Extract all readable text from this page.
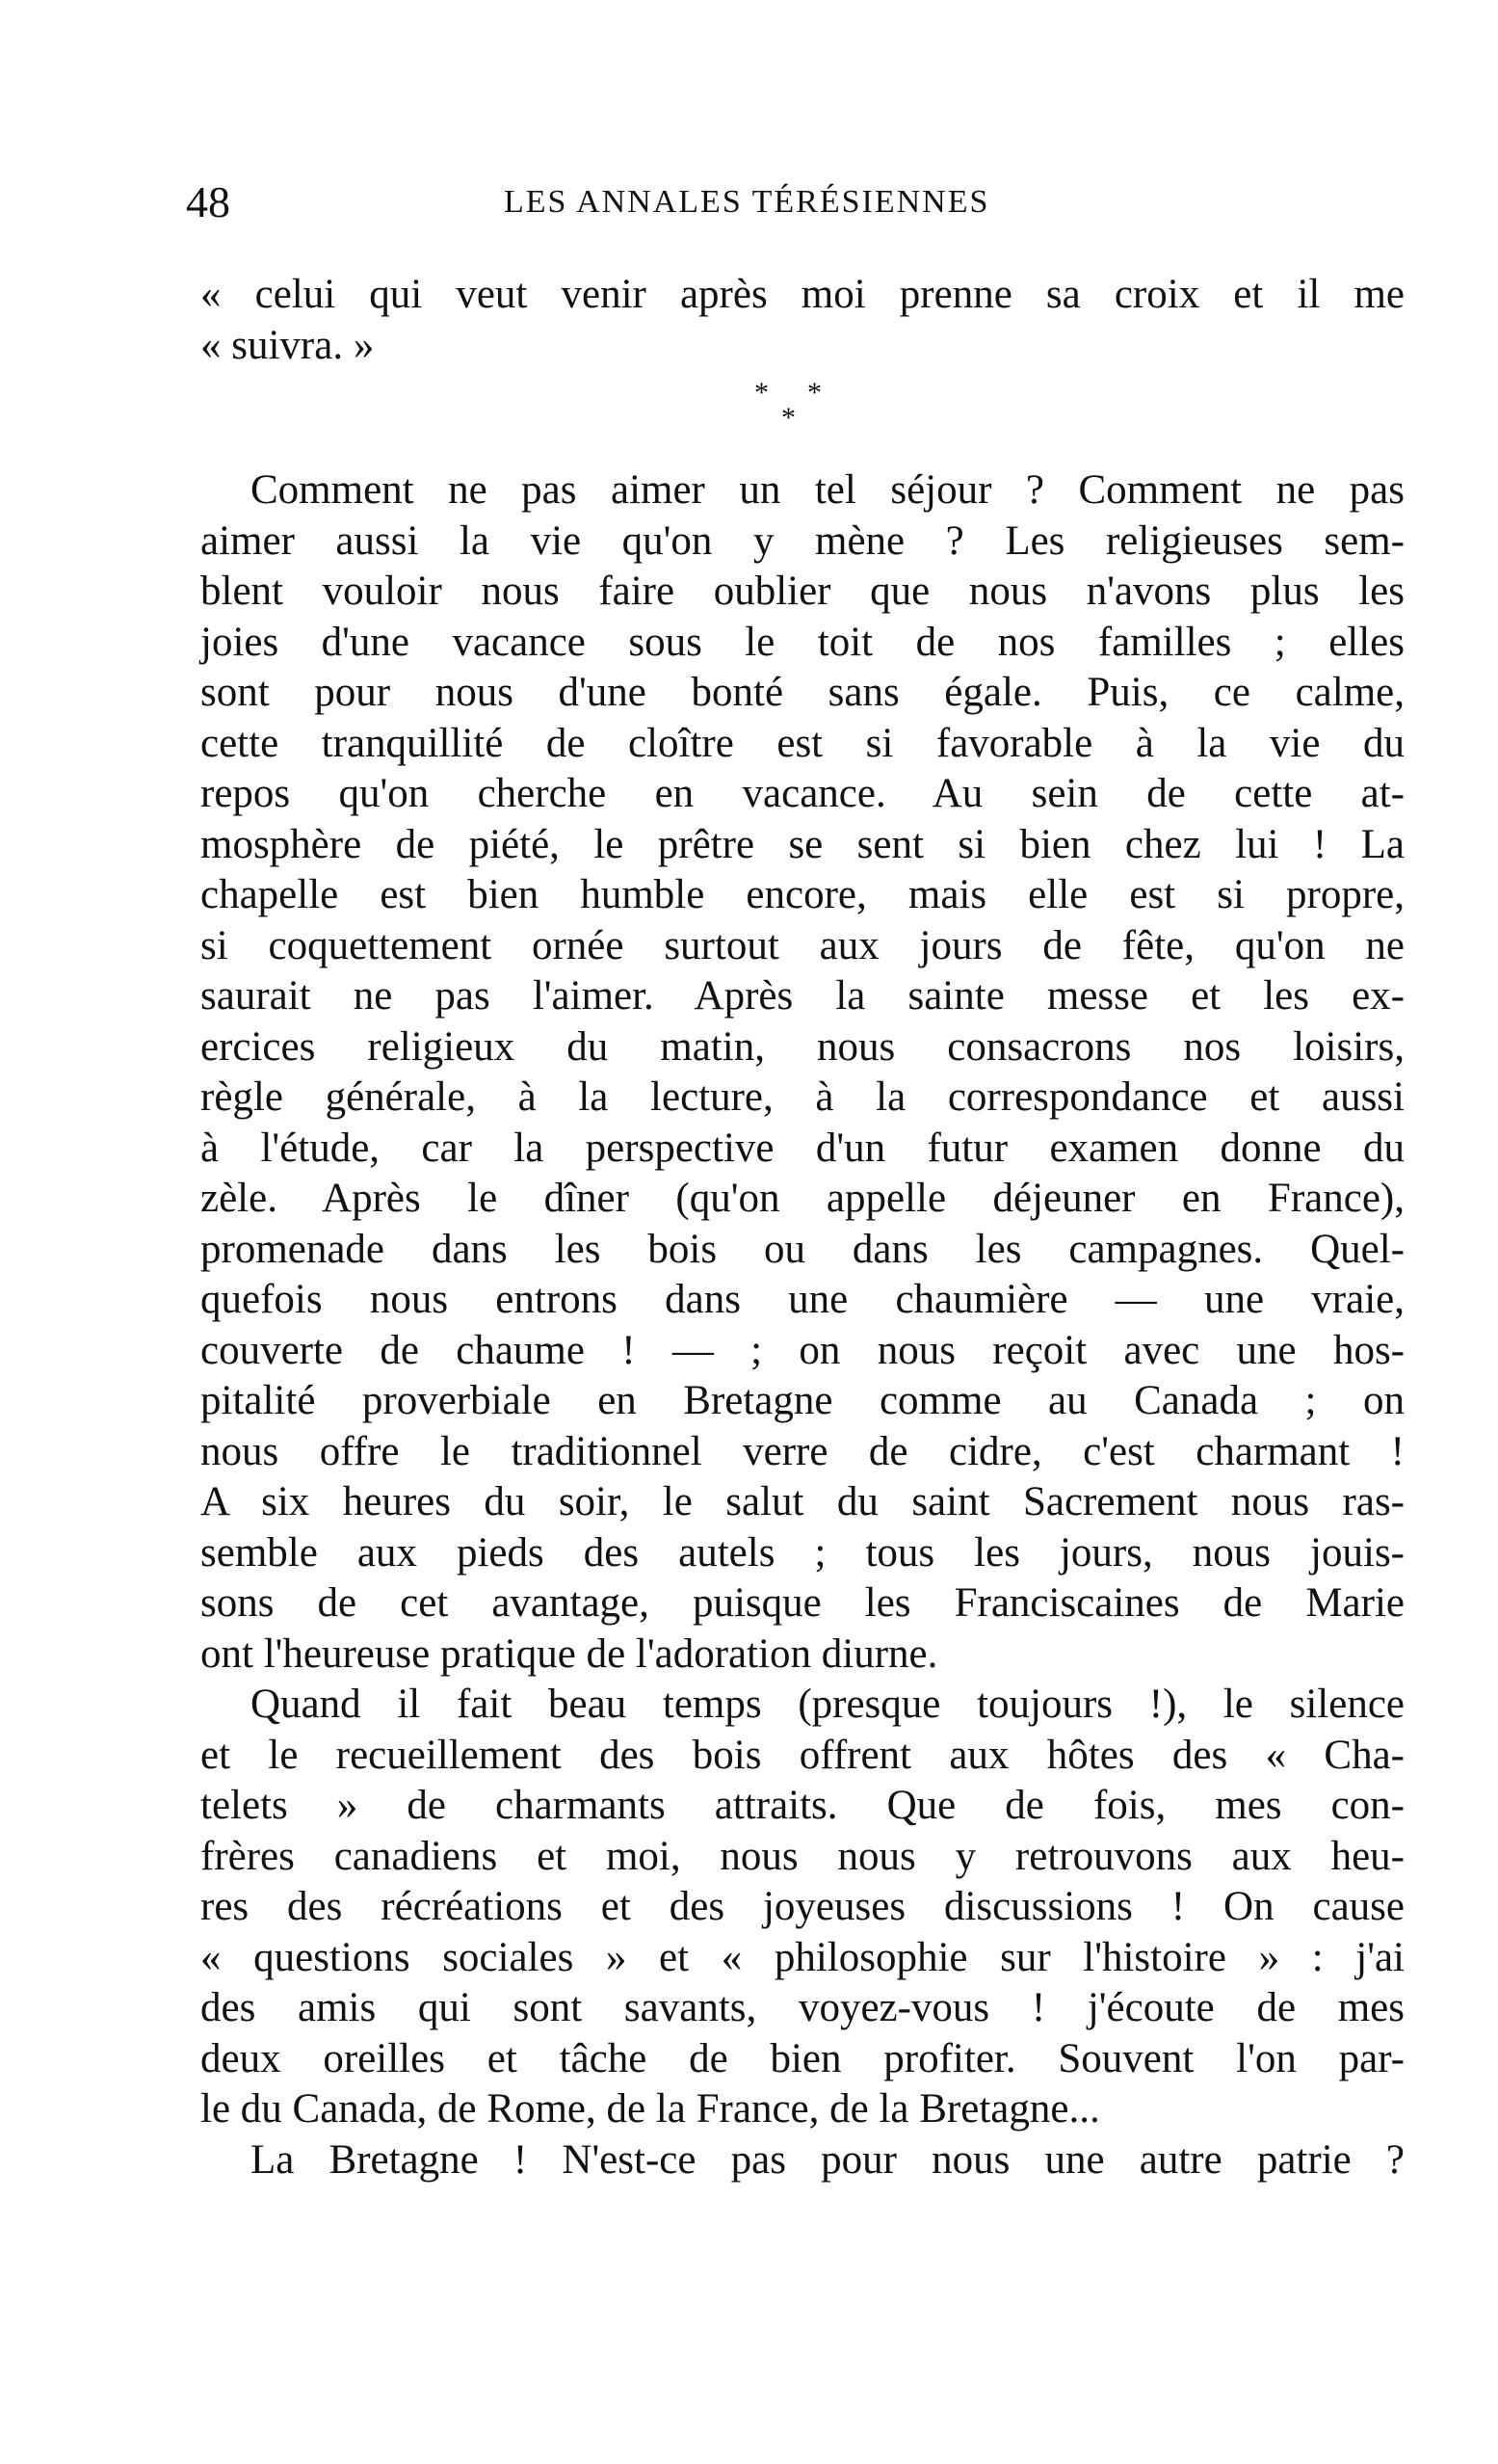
48	LES ANNALES TÉRÉSIENNES
« celui qui veut venir après moi prenne sa croix et il me
« suivra. »
* *
*
Comment ne pas aimer un tel séjour ? Comment ne pas
aimer aussi la vie qu'on y mène ? Les religieuses sem-
blent vouloir nous faire oublier que nous n'avons plus les
joies d'une vacance sous le toit de nos familles ; elles
sont pour nous d'une bonté sans égale. Puis, ce calme,
cette tranquillité de cloître est si favorable à la vie du
repos qu'on cherche en vacance. Au sein de cette at-
mosphère de piété, le prêtre se sent si bien chez lui ! La
chapelle est bien humble encore, mais elle est si propre,
si coquettement ornée surtout aux jours de fête, qu'on ne
saurait ne pas l'aimer. Après la sainte messe et les ex-
ercices religieux du matin, nous consacrons nos loisirs,
règle générale, à la lecture, à la correspondance et aussi
à l'étude, car la perspective d'un futur examen donne du
zèle. Après le dîner (qu'on appelle déjeuner en France),
promenade dans les bois ou dans les campagnes. Quel-
quefois nous entrons dans une chaumière — une vraie,
couverte de chaume ! — ; on nous reçoit avec une hos-
pitalité proverbiale en Bretagne comme au Canada ; on
nous offre le traditionnel verre de cidre, c'est charmant !
A six heures du soir, le salut du saint Sacrement nous ras-
semble aux pieds des autels ; tous les jours, nous jouis-
sons de cet avantage, puisque les Franciscaines de Marie
ont l'heureuse pratique de l'adoration diurne.
Quand il fait beau temps (presque toujours !), le silence
et le recueillement des bois offrent aux hôtes des « Cha-
telets » de charmants attraits. Que de fois, mes con-
frères canadiens et moi, nous nous y retrouvons aux heu-
res des récréations et des joyeuses discussions ! On cause
« questions sociales » et « philosophie sur l'histoire » : j'ai
des amis qui sont savants, voyez-vous ! j'écoute de mes
deux oreilles et tâche de bien profiter. Souvent l'on par-
le du Canada, de Rome, de la France, de la Bretagne...
La Bretagne ! N'est-ce pas pour nous une autre patrie ?
